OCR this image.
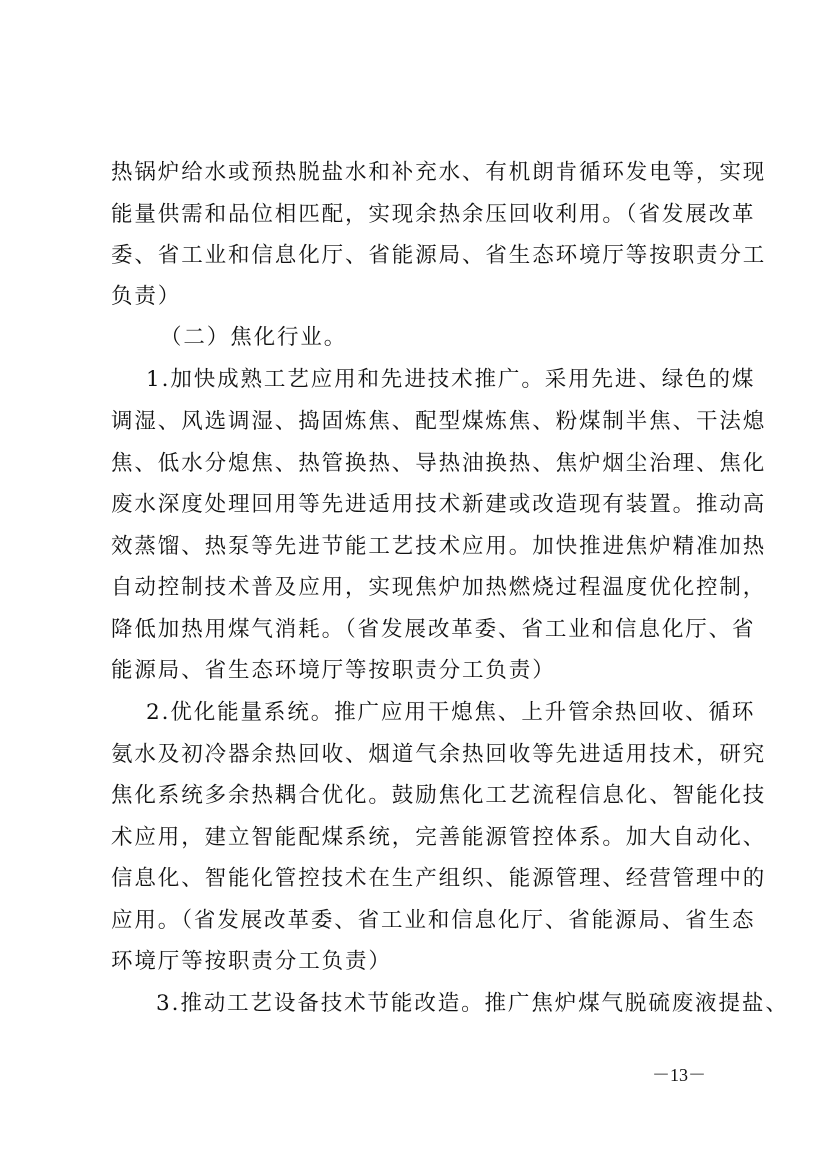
热锅炉给水或预热脱盐水和补充水、有机朗肯循环发电等，实现
能量供需和品位相匹配，实现余热余压回收利用。（省发展改革
委、省工业和信息化厅、省能源局、省生态环境厅等按职责分工
负责）
（二）焦化行业。
1.加快成熟工艺应用和先进技术推广。采用先进、绿色的煤
调湿、风选调湿、捣固炼焦、配型煤炼焦、粉煤制半焦、干法熄
焦、低水分熄焦、热管换热、导热油换热、焦炉烟尘治理、焦化
废水深度处理回用等先进适用技术新建或改造现有装置。推动高
效蒸馏、热泵等先进节能工艺技术应用。加快推进焦炉精准加热
自动控制技术普及应用，实现焦炉加热燃烧过程温度优化控制，
降低加热用煤气消耗。（省发展改革委、省工业和信息化厅、省
能源局、省生态环境厅等按职责分工负责）
2.优化能量系统。推广应用干熄焦、上升管余热回收、循环
氨水及初冷器余热回收、烟道气余热回收等先进适用技术，研究
焦化系统多余热耦合优化。鼓励焦化工艺流程信息化、智能化技
术应用，建立智能配煤系统，完善能源管控体系。加大自动化、
信息化、智能化管控技术在生产组织、能源管理、经营管理中的
应用。（省发展改革委、省工业和信息化厅、省能源局、省生态
环境厅等按职责分工负责）
3.推动工艺设备技术节能改造。推广焦炉煤气脱硫废液提盐、
－13－
